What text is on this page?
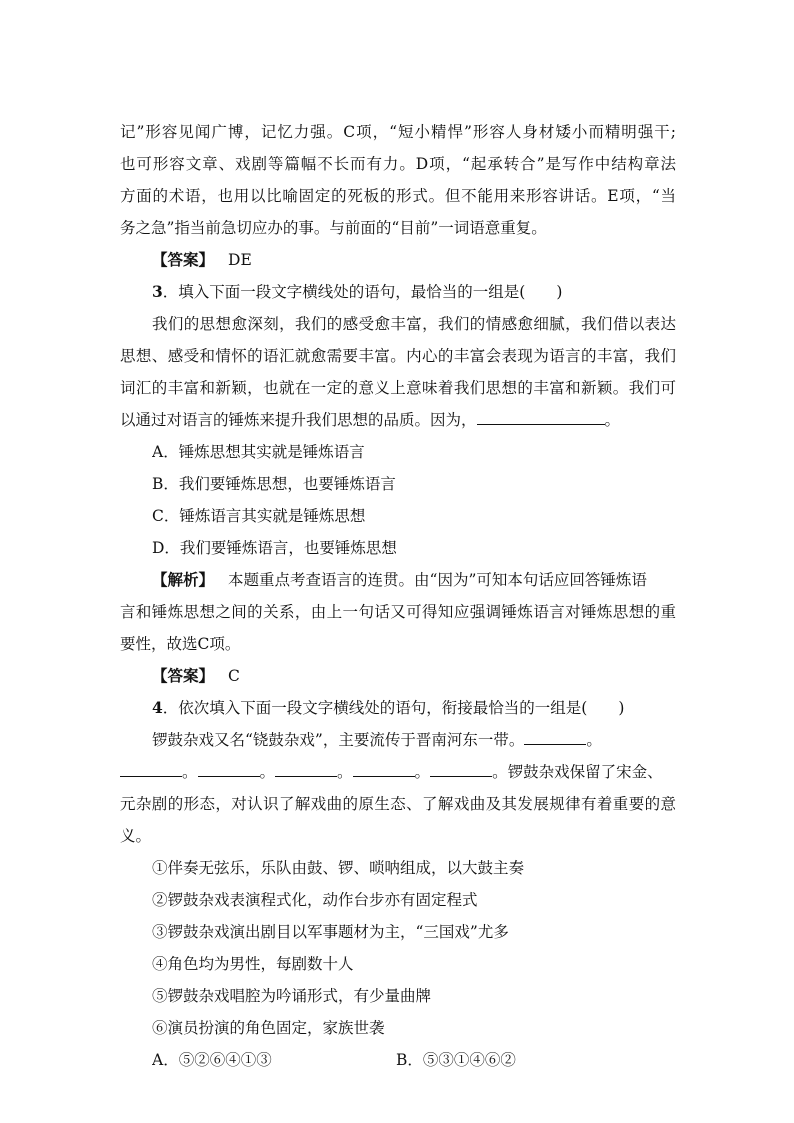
记”形容见闻广博，记忆力强。C项，“短小精悍”形容人身材矮小而精明强干;
也可形容文章、戏剧等篇幅不长而有力。D项，“起承转合”是写作中结构章法
方面的术语，也用以比喻固定的死板的形式。但不能用来形容讲话。E项，“当
务之急”指当前急切应办的事。与前面的“目前”一词语意重复。
【答案】 DE
3．填入下面一段文字横线处的语句，最恰当的一组是(　　)
我们的思想愈深刻，我们的感受愈丰富，我们的情感愈细腻，我们借以表达
思想、感受和情怀的语汇就愈需要丰富。内心的丰富会表现为语言的丰富，我们
词汇的丰富和新颖，也就在一定的意义上意味着我们思想的丰富和新颖。我们可
以通过对语言的锤炼来提升我们思想的品质。因为，	。
A．锤炼思想其实就是锤炼语言
B．我们要锤炼思想，也要锤炼语言
C．锤炼语言其实就是锤炼思想
D．我们要锤炼语言，也要锤炼思想
【解析】 本题重点考查语言的连贯。由“因为”可知本句话应回答锤炼语
言和锤炼思想之间的关系，由上一句话又可得知应强调锤炼语言对锤炼思想的重
要性，故选C项。
【答案】 C
4．依次填入下面一段文字横线处的语句，衔接最恰当的一组是(　　)
锣鼓杂戏又名“铙鼓杂戏”，主要流传于晋南河东一带。	。
。	。	。	。	。锣鼓杂戏保留了宋金、
元杂剧的形态，对认识了解戏曲的原生态、了解戏曲及其发展规律有着重要的意
义。
①伴奏无弦乐，乐队由鼓、锣、唢呐组成，以大鼓主奏
②锣鼓杂戏表演程式化，动作台步亦有固定程式
③锣鼓杂戏演出剧目以军事题材为主，“三国戏”尤多
④角色均为男性，每剧数十人
⑤锣鼓杂戏唱腔为吟诵形式，有少量曲牌
⑥演员扮演的角色固定，家族世袭
A．⑤②⑥④①③	B．⑤③①④⑥②
